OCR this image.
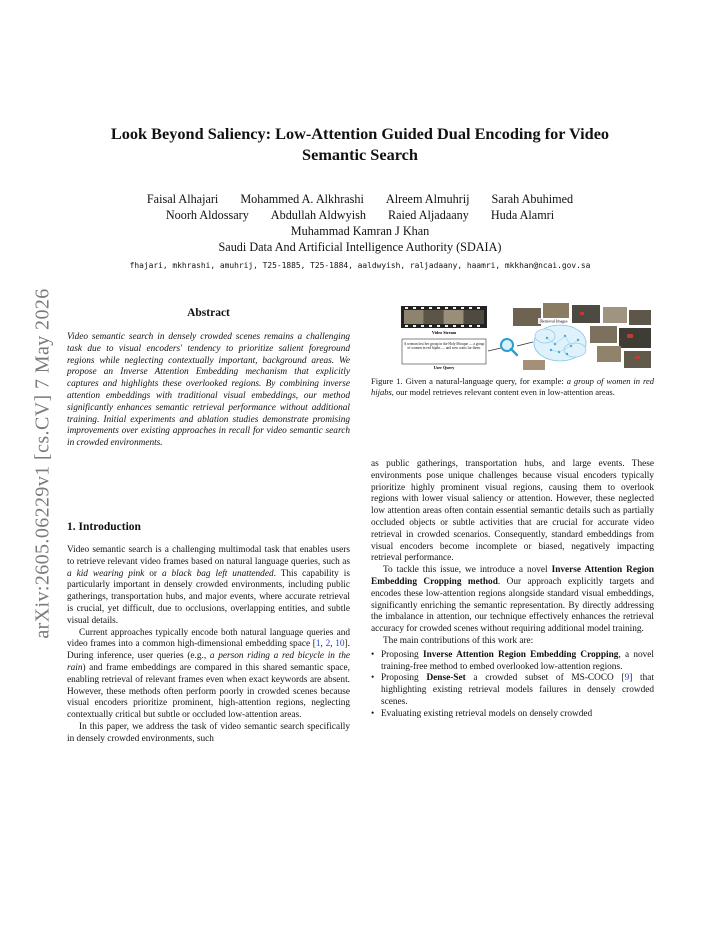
arXiv:2605.06229v1 [cs.CV] 7 May 2026
Look Beyond Saliency: Low-Attention Guided Dual Encoding for Video
Semantic Search
Faisal Alhajari Mohammed A. Alkhrashi Alreem Almuhrij Sarah Abuhimed
Noorh Aldossary Abdullah Aldwyish Raied Aljadaany Huda Alamri
Muhammad Kamran J Khan
Saudi Data And Artificial Intelligence Authority (SDAIA)
fhajari, mkhrashi, amuhrij, T25-1885, T25-1884, aaldwyish, raljadaany, haamri, mkkhan@ncai.gov.sa
Abstract
Video semantic search in densely crowded scenes remains a challenging task due to visual encoders' tendency to prioritize salient foreground regions while neglecting contextually important, background areas. We propose an Inverse Attention Embedding mechanism that explicitly captures and highlights these overlooked regions. By combining inverse attention embeddings with traditional visual embeddings, our method significantly enhances semantic retrieval performance without additional training. Initial experiments and ablation studies demonstrate promising improvements over existing approaches in recall for video semantic search in crowded environments.
1. Introduction

Video semantic search is a challenging multimodal task that enables users to retrieve relevant video frames based on natural language queries, such as a kid wearing pink or a black bag left unattended. This capability is particularly important in densely crowded environments, including public gatherings, transportation hubs, and major events, where accurate retrieval is crucial, yet difficult, due to occlusions, overlapping entities, and subtle visual details.

Current approaches typically encode both natural language queries and video frames into a common high-dimensional embedding space [1, 2, 10]. During inference, user queries (e.g., a person riding a red bicycle in the rain) and frame embeddings are compared in this shared semantic space, enabling retrieval of relevant frames even when exact keywords are absent. However, these methods often perform poorly in crowded scenes because visual encoders prioritize prominent, high-attention regions, neglecting contextually critical but subtle or occluded low-attention areas.

In this paper, we address the task of video semantic search specifically in densely crowded environments, such

Video Stream
A woman lost her group in the Holy Mosque — a group of women in red hijabs — and now waits for them.
User Query
Retrieval Images
Figure 1. Given a natural-language query, for example: a group of women in red hijabs, our model retrieves relevant content even in low-attention areas.

as public gatherings, transportation hubs, and large events. These environments pose unique challenges because visual encoders typically prioritize highly prominent visual regions, causing them to overlook regions with lower visual saliency or attention. However, these neglected low attention areas often contain essential semantic details such as partially occluded objects or subtle activities that are crucial for accurate video retrieval in crowded scenarios. Consequently, standard embeddings from visual encoders become incomplete or biased, negatively impacting retrieval performance.

To tackle this issue, we introduce a novel Inverse Attention Region Embedding Cropping method. Our approach explicitly targets and encodes these low-attention regions alongside standard visual embeddings, significantly enriching the semantic representation. By directly addressing the imbalance in attention, our technique effectively enhances the retrieval accuracy for crowded scenes without requiring additional model training.

The main contributions of this work are:

• Proposing Inverse Attention Region Embedding Cropping, a novel training-free method to embed overlooked low-attention regions.
• Proposing Dense-Set a crowded subset of MS-COCO [9] that highlighting existing retrieval models failures in densely crowded scenes.
• Evaluating existing retrieval models on densely crowded
